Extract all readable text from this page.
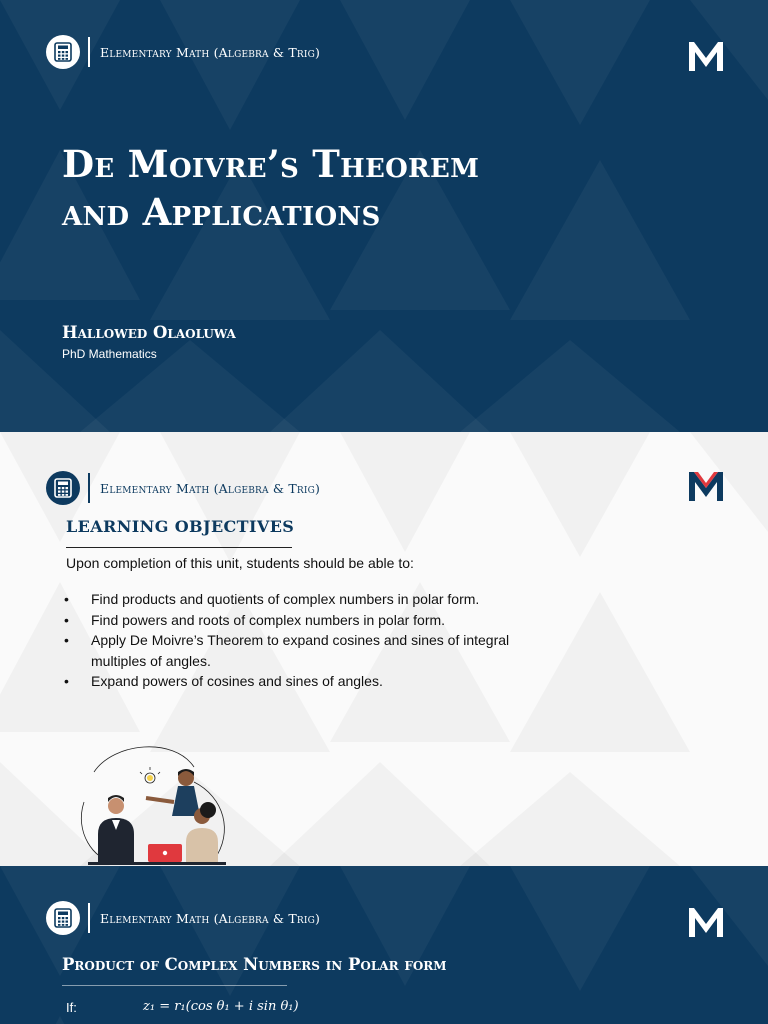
Elementary Math (Algebra & Trig)
De Moivre’s Theorem
and Applications
Hallowed Olaoluwa
PhD Mathematics
Elementary Math (Algebra & Trig)
LEARNING OBJECTIVES
Upon completion of this unit, students should be able to:
• Find products and quotients of complex numbers in polar form.
• Find powers and roots of complex numbers in polar form.
• Apply De Moivre’s Theorem to expand cosines and sines of integral multiples of angles.
• Expand powers of cosines and sines of angles.
Elementary Math (Algebra & Trig)
Product of Complex Numbers in Polar form
If:	z₁ = r₁(cos θ₁ + i sin θ₁)
